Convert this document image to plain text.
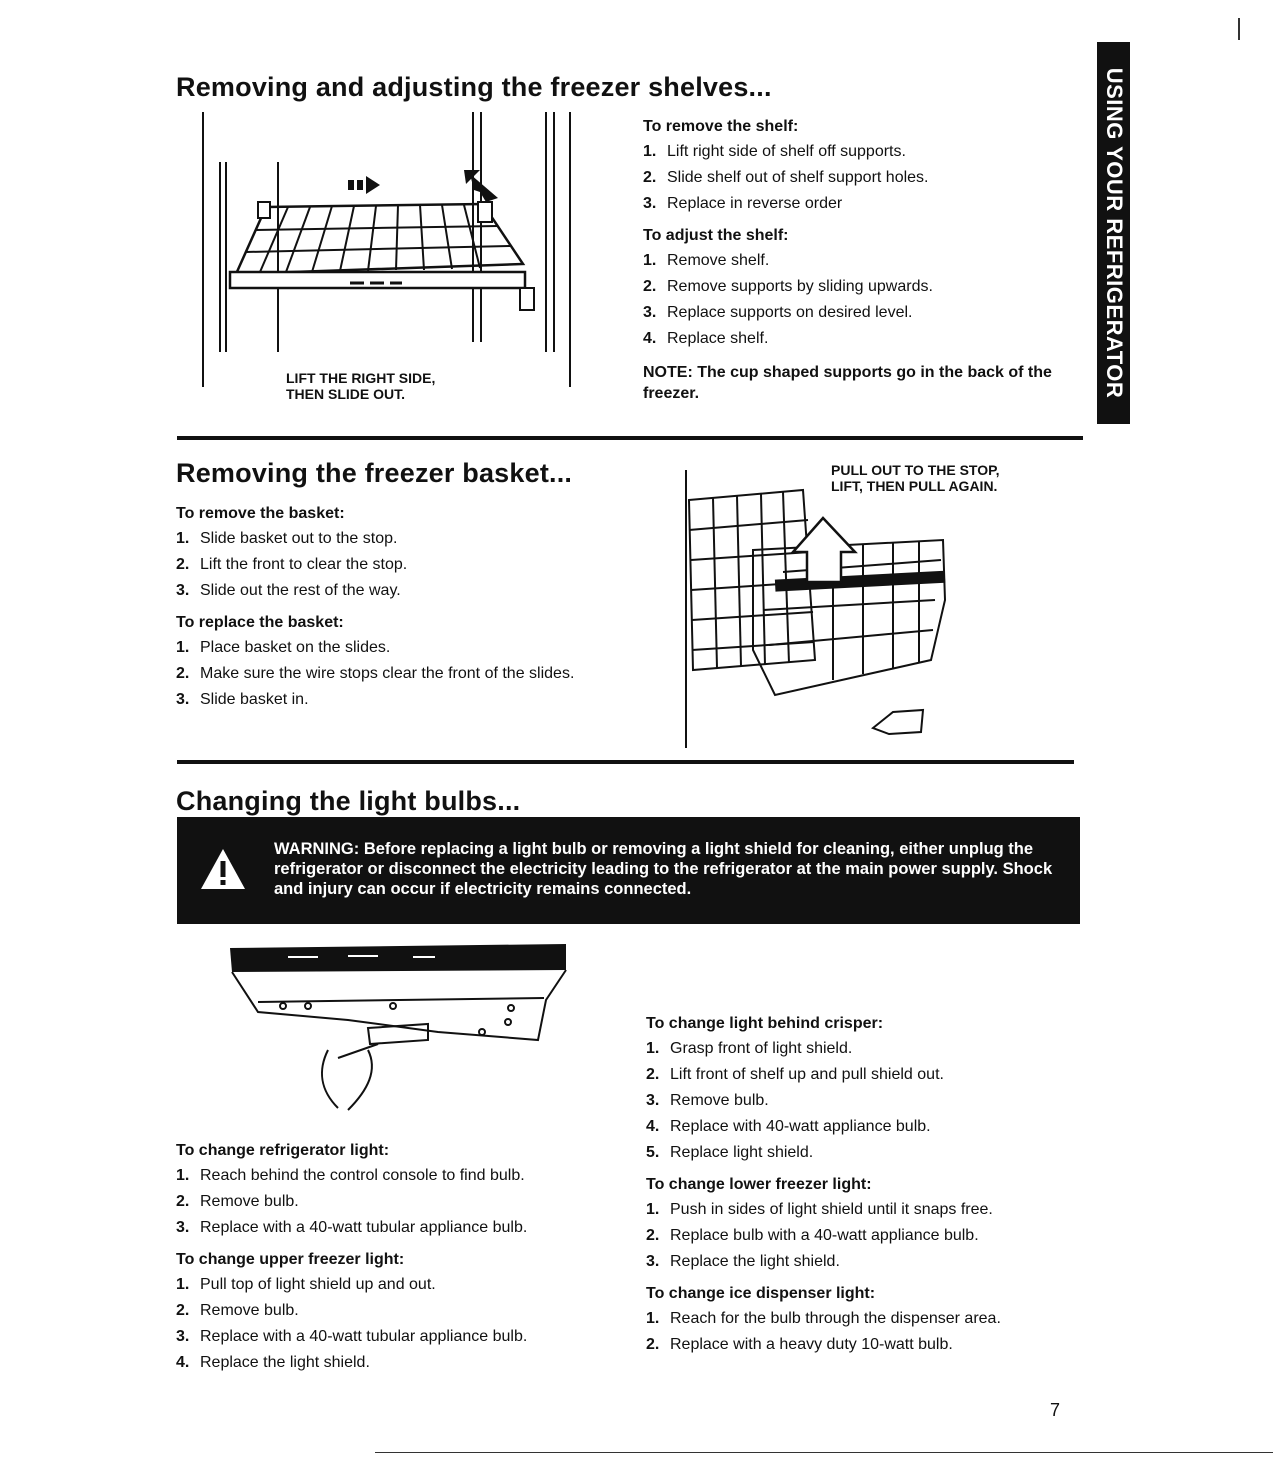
USING YOUR REFRIGERATOR
Removing and adjusting the freezer shelves...
LIFT THE RIGHT SIDE,
THEN SLIDE OUT.
To remove the shelf:
1. Lift right side of shelf off supports.
2. Slide shelf out of shelf support holes.
3. Replace in reverse order
To adjust the shelf:
1. Remove shelf.
2. Remove supports by sliding upwards.
3. Replace supports on desired level.
4. Replace shelf.
NOTE: The cup shaped supports go in the back of the freezer.
Removing the freezer basket...
To remove the basket:
1. Slide basket out to the stop.
2. Lift the front to clear the stop.
3. Slide out the rest of the way.
To replace the basket:
1. Place basket on the slides.
2. Make sure the wire stops clear the front of the slides.
3. Slide basket in.
PULL OUT TO THE STOP,
LIFT, THEN PULL AGAIN.
Changing the light bulbs...
WARNING: Before replacing a light bulb or removing a light shield for cleaning, either unplug the refrigerator or disconnect the electricity leading to the refrigerator at the main power supply. Shock and injury can occur if electricity remains connected.
To change refrigerator light:
1. Reach behind the control console to find bulb.
2. Remove bulb.
3. Replace with a 40-watt tubular appliance bulb.
To change upper freezer light:
1. Pull top of light shield up and out.
2. Remove bulb.
3. Replace with a 40-watt tubular appliance bulb.
4. Replace the light shield.
To change light behind crisper:
1. Grasp front of light shield.
2. Lift front of shelf up and pull shield out.
3. Remove bulb.
4. Replace with 40-watt appliance bulb.
5. Replace light shield.
To change lower freezer light:
1. Push in sides of light shield until it snaps free.
2. Replace bulb with a 40-watt appliance bulb.
3. Replace the light shield.
To change ice dispenser light:
1. Reach for the bulb through the dispenser area.
2. Replace with a heavy duty 10-watt bulb.
7
